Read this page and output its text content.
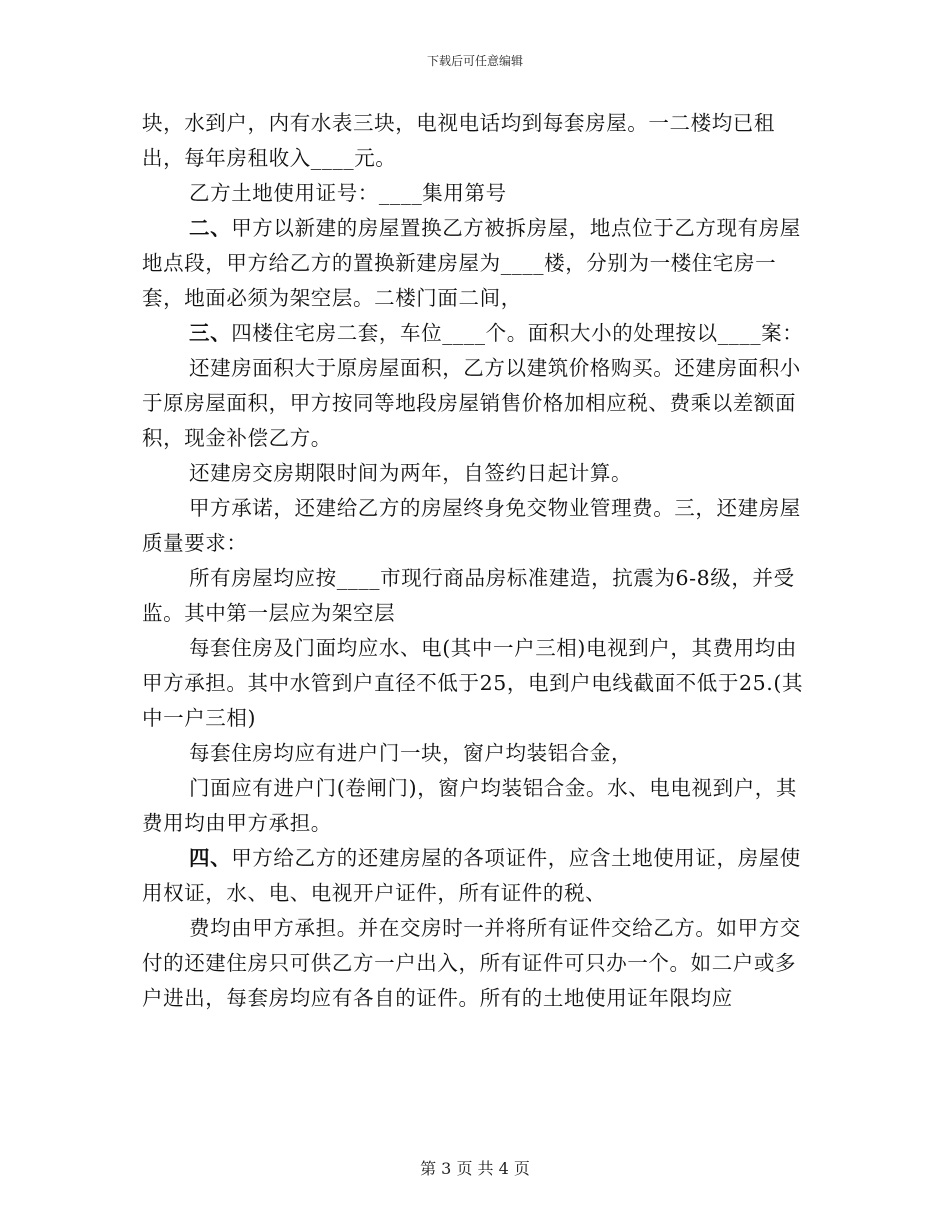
下载后可任意编辑

块，水到户，内有水表三块，电视电话均到每套房屋。一二楼均已租出，每年房租收入____元。

乙方土地使用证号：____集用第号

二、甲方以新建的房屋置换乙方被拆房屋，地点位于乙方现有房屋地点段，甲方给乙方的置换新建房屋为____楼，分别为一楼住宅房一套，地面必须为架空层。二楼门面二间，

三、四楼住宅房二套，车位____个。面积大小的处理按以____案：

还建房面积大于原房屋面积，乙方以建筑价格购买。还建房面积小于原房屋面积，甲方按同等地段房屋销售价格加相应税、费乘以差额面积，现金补偿乙方。

还建房交房期限时间为两年，自签约日起计算。

甲方承诺，还建给乙方的房屋终身免交物业管理费。三，还建房屋质量要求：

所有房屋均应按____市现行商品房标准建造，抗震为6-8级，并受监。其中第一层应为架空层

每套住房及门面均应水、电(其中一户三相)电视到户，其费用均由甲方承担。其中水管到户直径不低于25，电到户电线截面不低于25.(其中一户三相)

每套住房均应有进户门一块，窗户均装铝合金，

门面应有进户门(卷闸门)，窗户均装铝合金。水、电电视到户，其费用均由甲方承担。

四、甲方给乙方的还建房屋的各项证件，应含土地使用证，房屋使用权证，水、电、电视开户证件，所有证件的税、

费均由甲方承担。并在交房时一并将所有证件交给乙方。如甲方交付的还建住房只可供乙方一户出入，所有证件可只办一个。如二户或多户进出，每套房均应有各自的证件。所有的土地使用证年限均应

第 3 页 共 4 页
